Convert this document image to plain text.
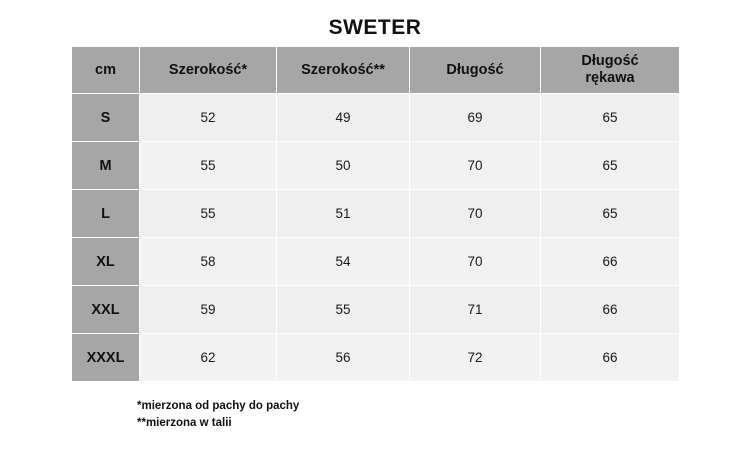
SWETER
cm	Szerokość*	Szerokość**	Długość	Długość
rękawa

S	52	49	69	65
M	55	50	70	65
L	55	51	70	65
XL	58	54	70	66
XXL	59	55	71	66
XXXL	62	56	72	66
*mierzona od pachy do pachy
**mierzona w talii
